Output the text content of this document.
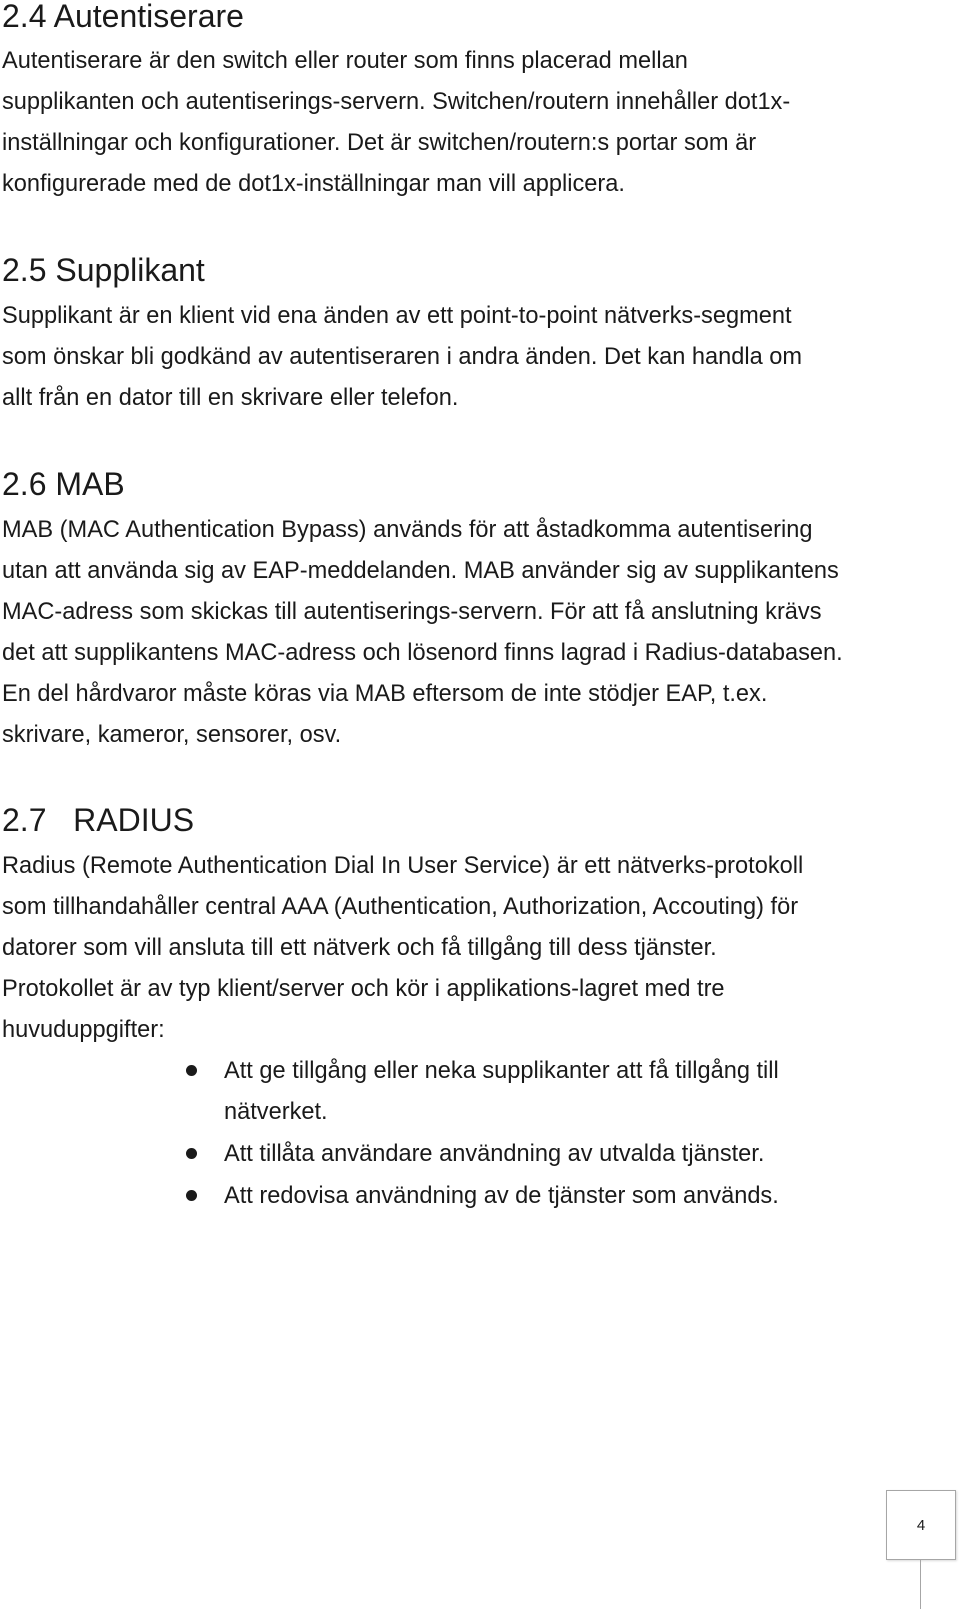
2.4 Autentiserare

Autentiserare är den switch eller router som finns placerad mellan
supplikanten och autentiserings-servern. Switchen/routern innehåller dot1x-
inställningar och konfigurationer. Det är switchen/routern:s portar som är
konfigurerade med de dot1x-inställningar man vill applicera.

2.5 Supplikant

Supplikant är en klient vid ena änden av ett point-to-point nätverks-segment
som önskar bli godkänd av autentiseraren i andra änden. Det kan handla om
allt från en dator till en skrivare eller telefon.

2.6 MAB

MAB (MAC Authentication Bypass) används för att åstadkomma autentisering
utan att använda sig av EAP-meddelanden. MAB använder sig av supplikantens
MAC-adress som skickas till autentiserings-servern. För att få anslutning krävs
det att supplikantens MAC-adress och lösenord finns lagrad i Radius-databasen.
En del hårdvaror måste köras via MAB eftersom de inte stödjer EAP, t.ex.
skrivare, kameror, sensorer, osv.

2.7   RADIUS

Radius (Remote Authentication Dial In User Service) är ett nätverks-protokoll
som tillhandahåller central AAA (Authentication, Authorization, Accouting) för
datorer som vill ansluta till ett nätverk och få tillgång till dess tjänster.
Protokollet är av typ klient/server och kör i applikations-lagret med tre
huvuduppgifter:

Att ge tillgång eller neka supplikanter att få tillgång till
nätverket.
Att tillåta användare användning av utvalda tjänster.
Att redovisa användning av de tjänster som används.
4
